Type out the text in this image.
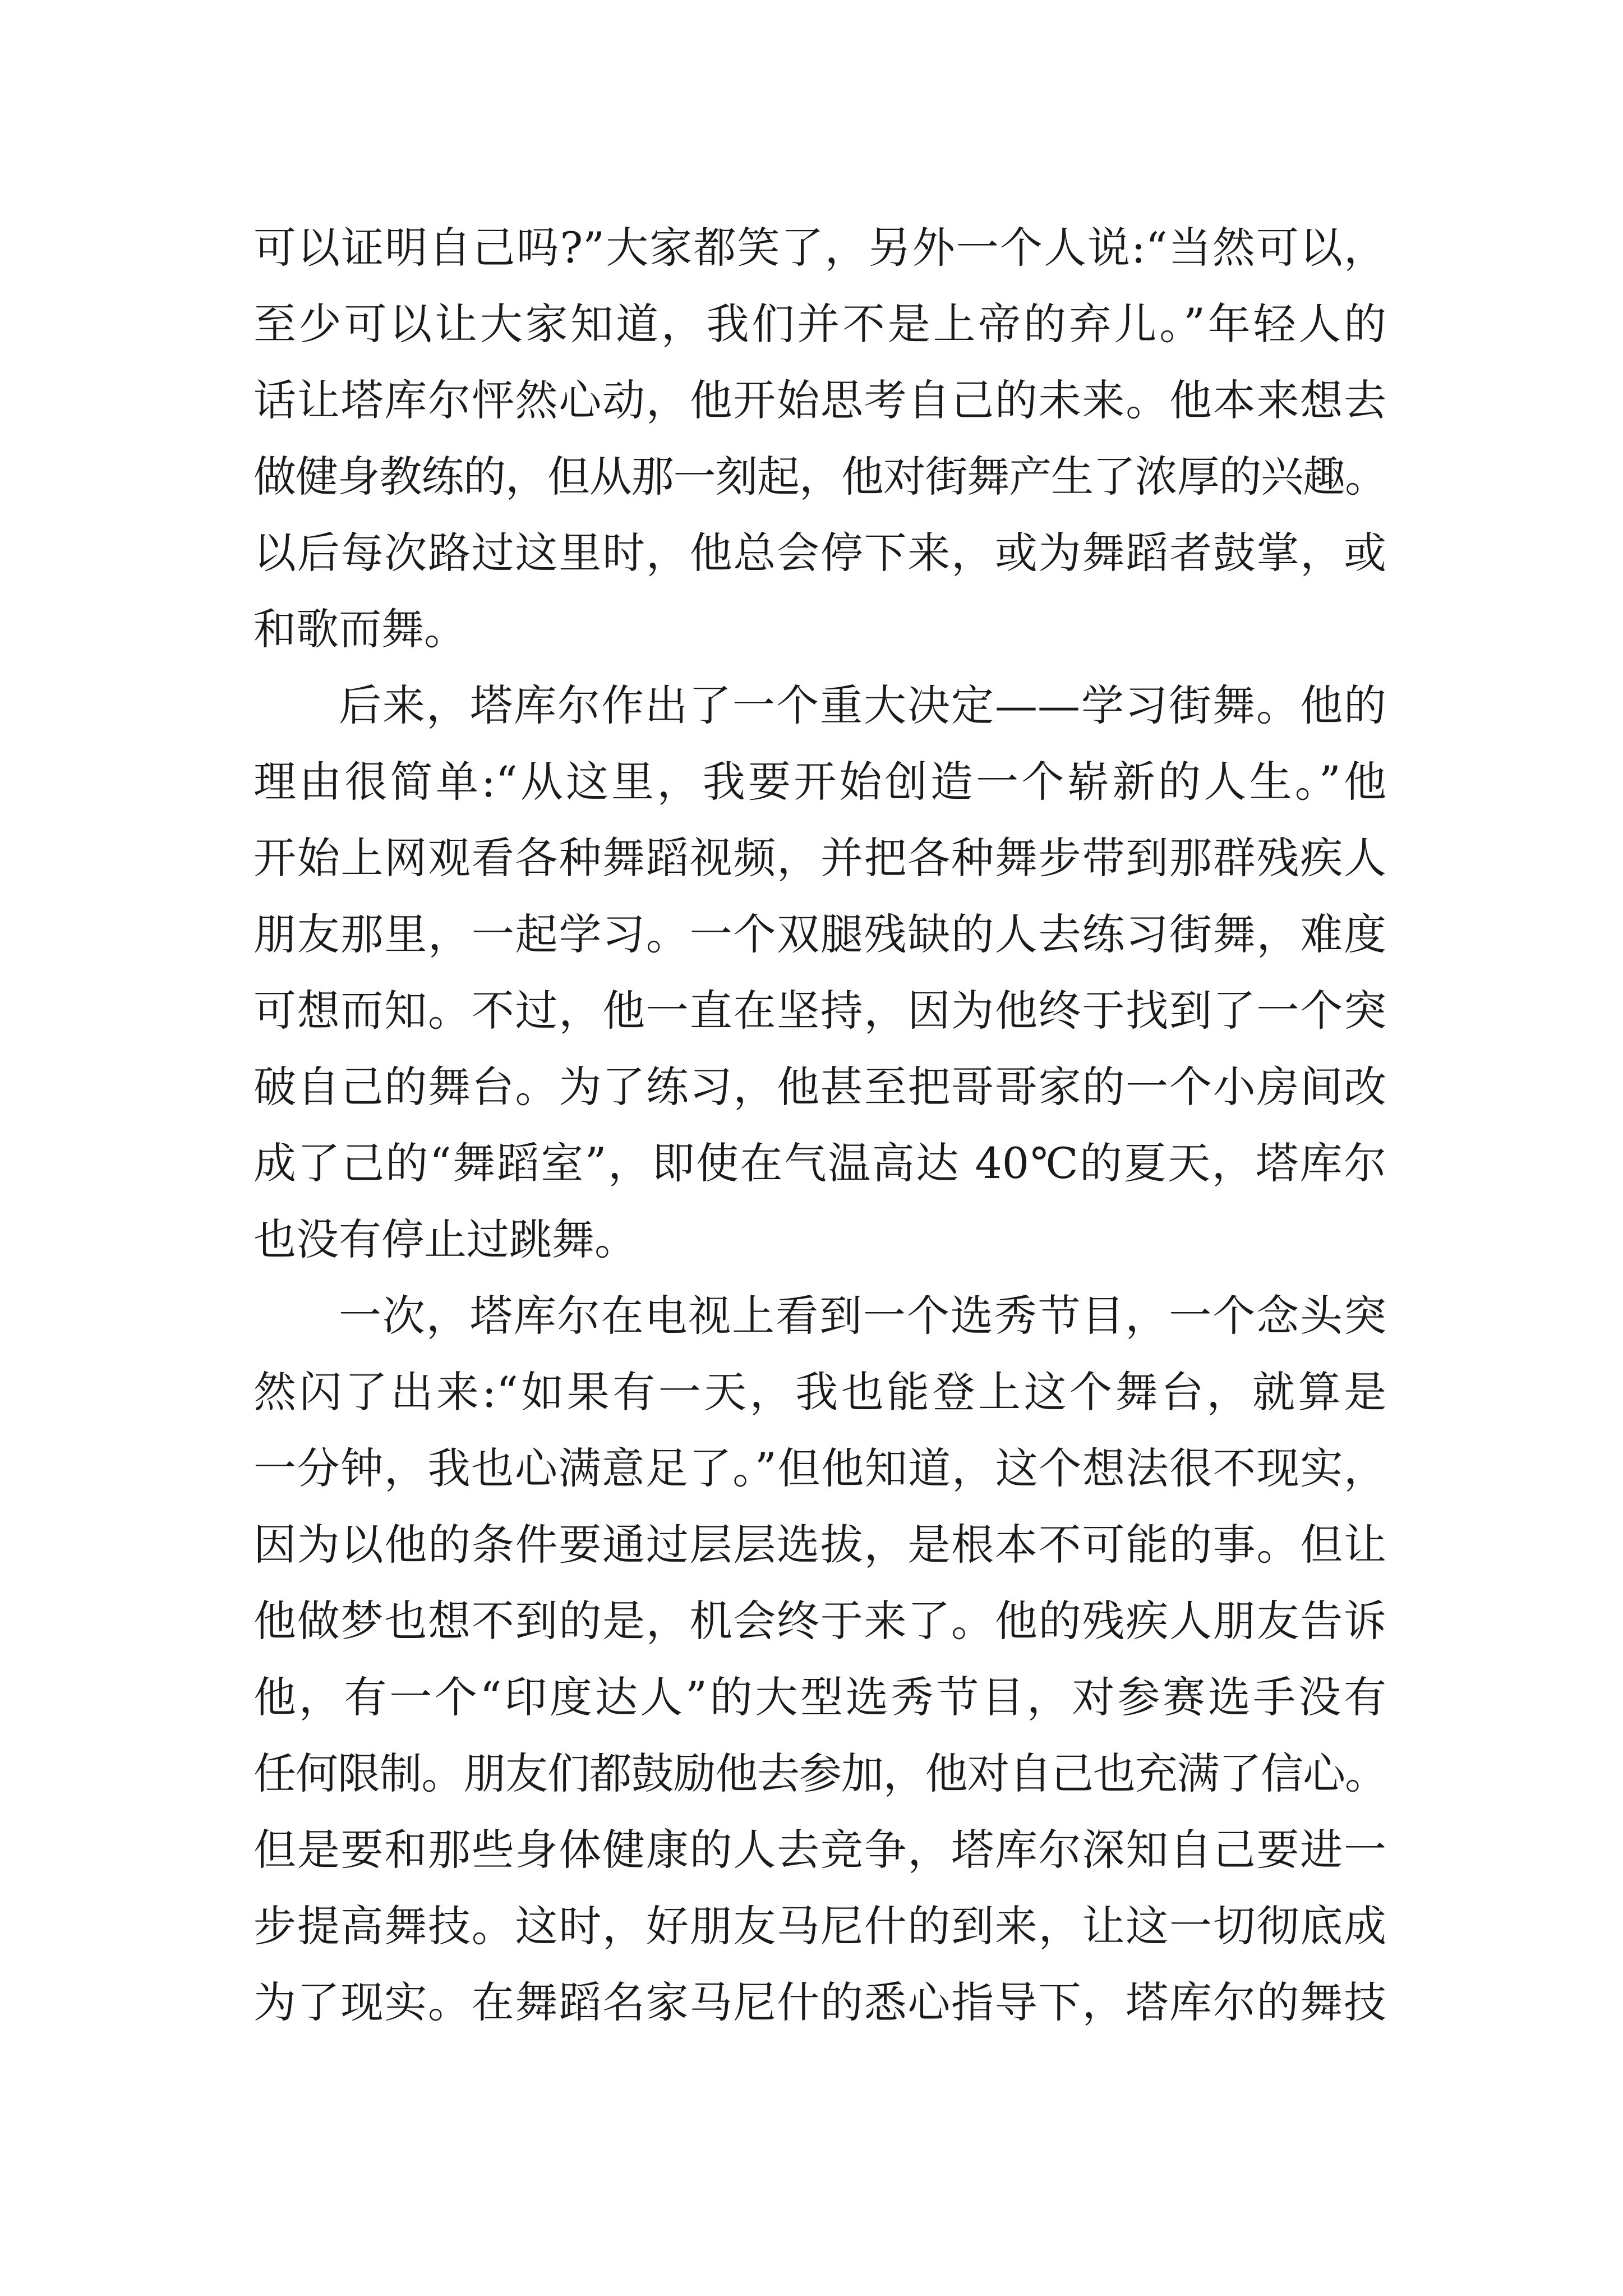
可以证明自己吗?”大家都笑了，另外一个人说:“当然可以，
至少可以让大家知道，我们并不是上帝的弃儿。”年轻人的
话让塔库尔怦然心动，他开始思考自己的未来。他本来想去
做健身教练的，但从那一刻起，他对街舞产生了浓厚的兴趣。
以后每次路过这里时，他总会停下来，或为舞蹈者鼓掌，或
和歌而舞。
后来，塔库尔作出了一个重大决定——学习街舞。他的
理由很简单:“从这里，我要开始创造一个崭新的人生。”他
开始上网观看各种舞蹈视频，并把各种舞步带到那群残疾人
朋友那里，一起学习。一个双腿残缺的人去练习街舞，难度
可想而知。不过，他一直在坚持，因为他终于找到了一个突
破自己的舞台。为了练习，他甚至把哥哥家的一个小房间改
成了己的“舞蹈室”，即使在气温高达 40℃的夏天，塔库尔
也没有停止过跳舞。
一次，塔库尔在电视上看到一个选秀节目，一个念头突
然闪了出来:“如果有一天，我也能登上这个舞台，就算是
一分钟，我也心满意足了。”但他知道，这个想法很不现实，
因为以他的条件要通过层层选拔，是根本不可能的事。但让
他做梦也想不到的是，机会终于来了。他的残疾人朋友告诉
他，有一个“印度达人”的大型选秀节目，对参赛选手没有
任何限制。朋友们都鼓励他去参加，他对自己也充满了信心。
但是要和那些身体健康的人去竞争，塔库尔深知自己要进一
步提高舞技。这时，好朋友马尼什的到来，让这一切彻底成
为了现实。在舞蹈名家马尼什的悉心指导下，塔库尔的舞技
